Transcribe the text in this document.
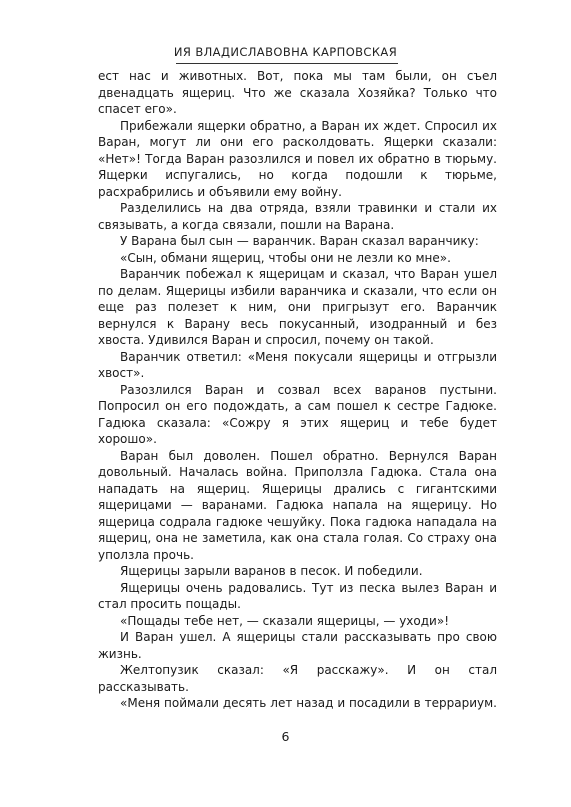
ИЯ ВЛАДИСЛАВОВНА КАРПОВСКАЯ

ест нас и животных. Вот, пока мы там были, он съел двенадцать ящериц. Что же сказала Хозяйка? Только что спасет его».

Прибежали ящерки обратно, а Варан их ждет. Спросил их Варан, могут ли они его расколдовать. Ящерки сказали: «Нет»! Тогда Варан разозлился и повел их обратно в тюрьму. Ящерки испугались, но когда подошли к тюрьме, расхрабрились и объявили ему войну.

Разделились на два отряда, взяли травинки и стали их связывать, а когда связали, пошли на Варана.

У Варана был сын — варанчик. Варан сказал варанчику:

«Сын, обмани ящериц, чтобы они не лезли ко мне».

Варанчик побежал к ящерицам и сказал, что Варан ушел по делам. Ящерицы избили варанчика и сказали, что если он еще раз полезет к ним, они пригрызут его. Варанчик вернулся к Варану весь покусанный, изодранный и без хвоста. Удивился Варан и спросил, почему он такой.

Варанчик ответил: «Меня покусали ящерицы и отгрызли хвост».

Разозлился Варан и созвал всех варанов пустыни. Попросил он его подождать, а сам пошел к сестре Гадюке. Гадюка сказала: «Сожру я этих ящериц и тебе будет хорошо».

Варан был доволен. Пошел обратно. Вернулся Варан довольный. Началась война. Приползла Гадюка. Стала она нападать на ящериц. Ящерицы дрались с гигантскими ящерицами — варанами. Гадюка напала на ящерицу. Но ящерица содрала гадюке чешуйку. Пока гадюка нападала на ящериц, она не заметила, как она стала голая. Со страху она уползла прочь.

Ящерицы зарыли варанов в песок. И победили.

Ящерицы очень радовались. Тут из песка вылез Варан и стал просить пощады.

«Пощады тебе нет, — сказали ящерицы, — уходи»!

И Варан ушел. А ящерицы стали рассказывать про свою жизнь.

Желтопузик сказал: «Я расскажу». И он стал рассказывать.

«Меня поймали десять лет назад и посадили в террариум.

6
